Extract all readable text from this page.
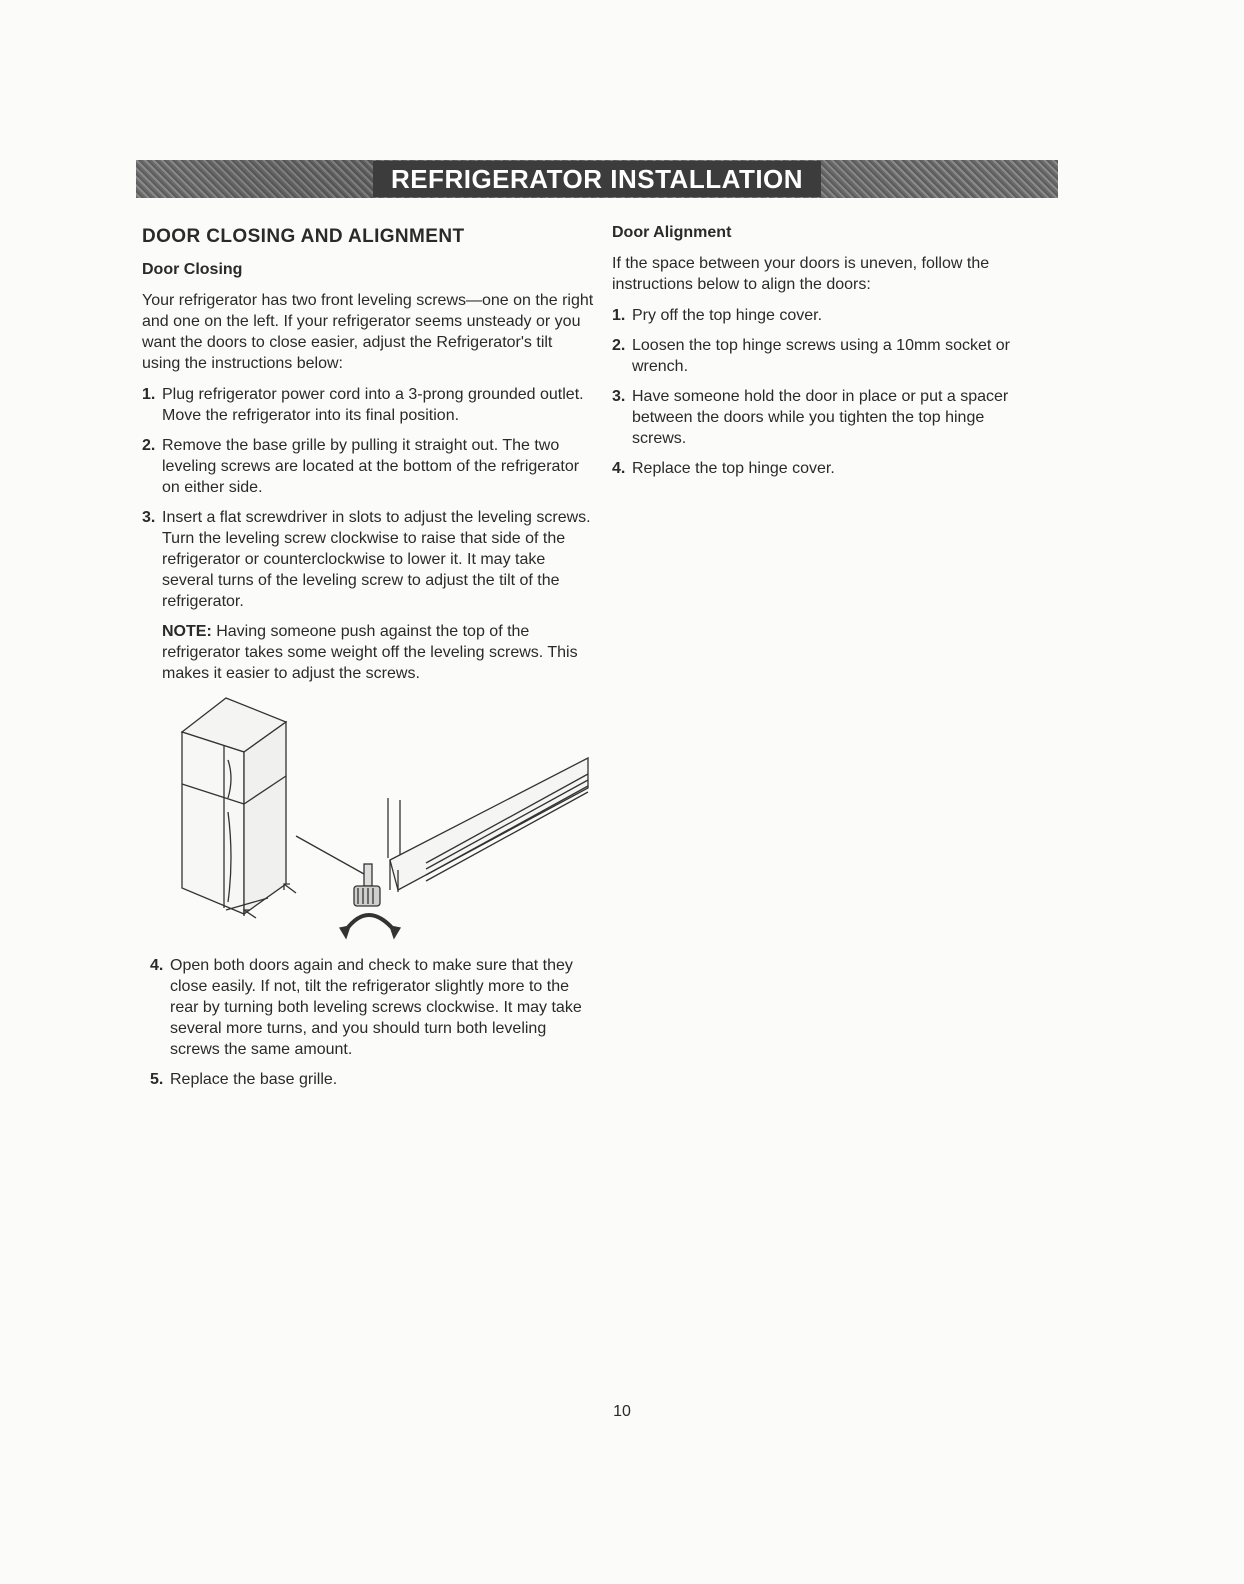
REFRIGERATOR INSTALLATION
DOOR CLOSING AND ALIGNMENT
Door Closing
Your refrigerator has two front leveling screws—one on the right and one on the left. If your refrigerator seems unsteady or you want the doors to close easier, adjust the Refrigerator's tilt using the instructions below:
1. Plug refrigerator power cord into a 3-prong grounded outlet. Move the refrigerator into its final position.
2. Remove the base grille by pulling it straight out. The two leveling screws are located at the bottom of the refrigerator on either side.
3. Insert a flat screwdriver in slots to adjust the leveling screws. Turn the leveling screw clockwise to raise that side of the refrigerator or counterclockwise to lower it. It may take several turns of the leveling screw to adjust the tilt of the refrigerator.
NOTE: Having someone push against the top of the refrigerator takes some weight off the leveling screws. This makes it easier to adjust the screws.
4. Open both doors again and check to make sure that they close easily. If not, tilt the refrigerator slightly more to the rear by turning both leveling screws clockwise. It may take several more turns, and you should turn both leveling screws the same amount.
5. Replace the base grille.
Door Alignment
If the space between your doors is uneven, follow the instructions below to align the doors:
1. Pry off the top hinge cover.
2. Loosen the top hinge screws using a 10mm socket or wrench.
3. Have someone hold the door in place or put a spacer between the doors while you tighten the top hinge screws.
4. Replace the top hinge cover.
10
